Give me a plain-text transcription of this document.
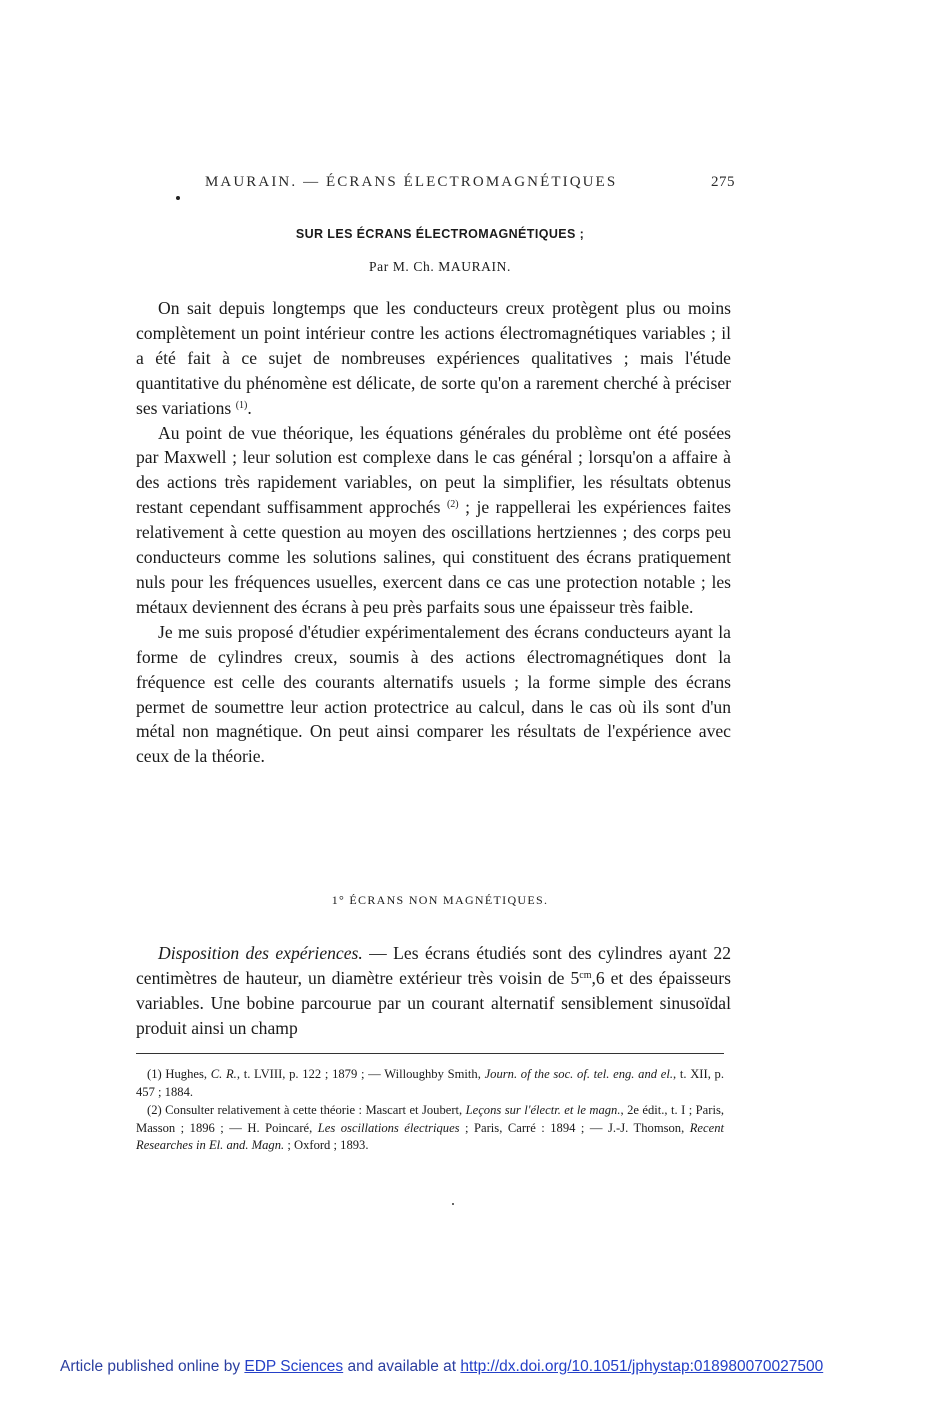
MAURAIN. — ÉCRANS ÉLECTROMAGNÉTIQUES	275
SUR LES ÉCRANS ÉLECTROMAGNÉTIQUES ;
Par M. Ch. MAURAIN.

On sait depuis longtemps que les conducteurs creux protègent plus ou moins complètement un point intérieur contre les actions électromagnétiques variables ; il a été fait à ce sujet de nombreuses expériences qualitatives ; mais l'étude quantitative du phénomène est délicate, de sorte qu'on a rarement cherché à préciser ses variations $^{(1)}$.

Au point de vue théorique, les équations générales du problème ont été posées par Maxwell ; leur solution est complexe dans le cas général ; lorsqu'on a affaire à des actions très rapidement variables, on peut la simplifier, les résultats obtenus restant cependant suffisamment approchés $^{(2)}$ ; je rappellerai les expériences faites relativement à cette question au moyen des oscillations hertziennes ; des corps peu conducteurs comme les solutions salines, qui constituent des écrans pratiquement nuls pour les fréquences usuelles, exercent dans ce cas une protection notable ; les métaux deviennent des écrans à peu près parfaits sous une épaisseur très faible.

Je me suis proposé d'étudier expérimentalement des écrans conducteurs ayant la forme de cylindres creux, soumis à des actions électromagnétiques dont la fréquence est celle des courants alternatifs usuels ; la forme simple des écrans permet de soumettre leur action protectrice au calcul, dans le cas où ils sont d'un métal non magnétique. On peut ainsi comparer les résultats de l'expérience avec ceux de la théorie.

1° ÉCRANS NON MAGNÉTIQUES.

Disposition des expériences. — Les écrans étudiés sont des cylindres ayant 22 centimètres de hauteur, un diamètre extérieur très voisin de $5^{cm},6$ et des épaisseurs variables. Une bobine parcourue par un courant alternatif sensiblement sinusoïdal produit ainsi un champ

(1) Hughes, C. R., t. LVIII, p. 122 ; 1879 ; — Willoughby Smith, Journ. of the soc. of. tel. eng. and el., t. XII, p. 457 ; 1884.

(2) Consulter relativement à cette théorie : Mascart et Joubert, Leçons sur l'électr. et le magn., 2e édit., t. I ; Paris, Masson ; 1896 ; — H. Poincaré, Les oscillations électriques ; Paris, Carré : 1894 ; — J.-J. Thomson, Recent Researches in El. and. Magn. ; Oxford ; 1893.

Article published online by EDP Sciences and available at http://dx.doi.org/10.1051/jphystap:018980070027500
